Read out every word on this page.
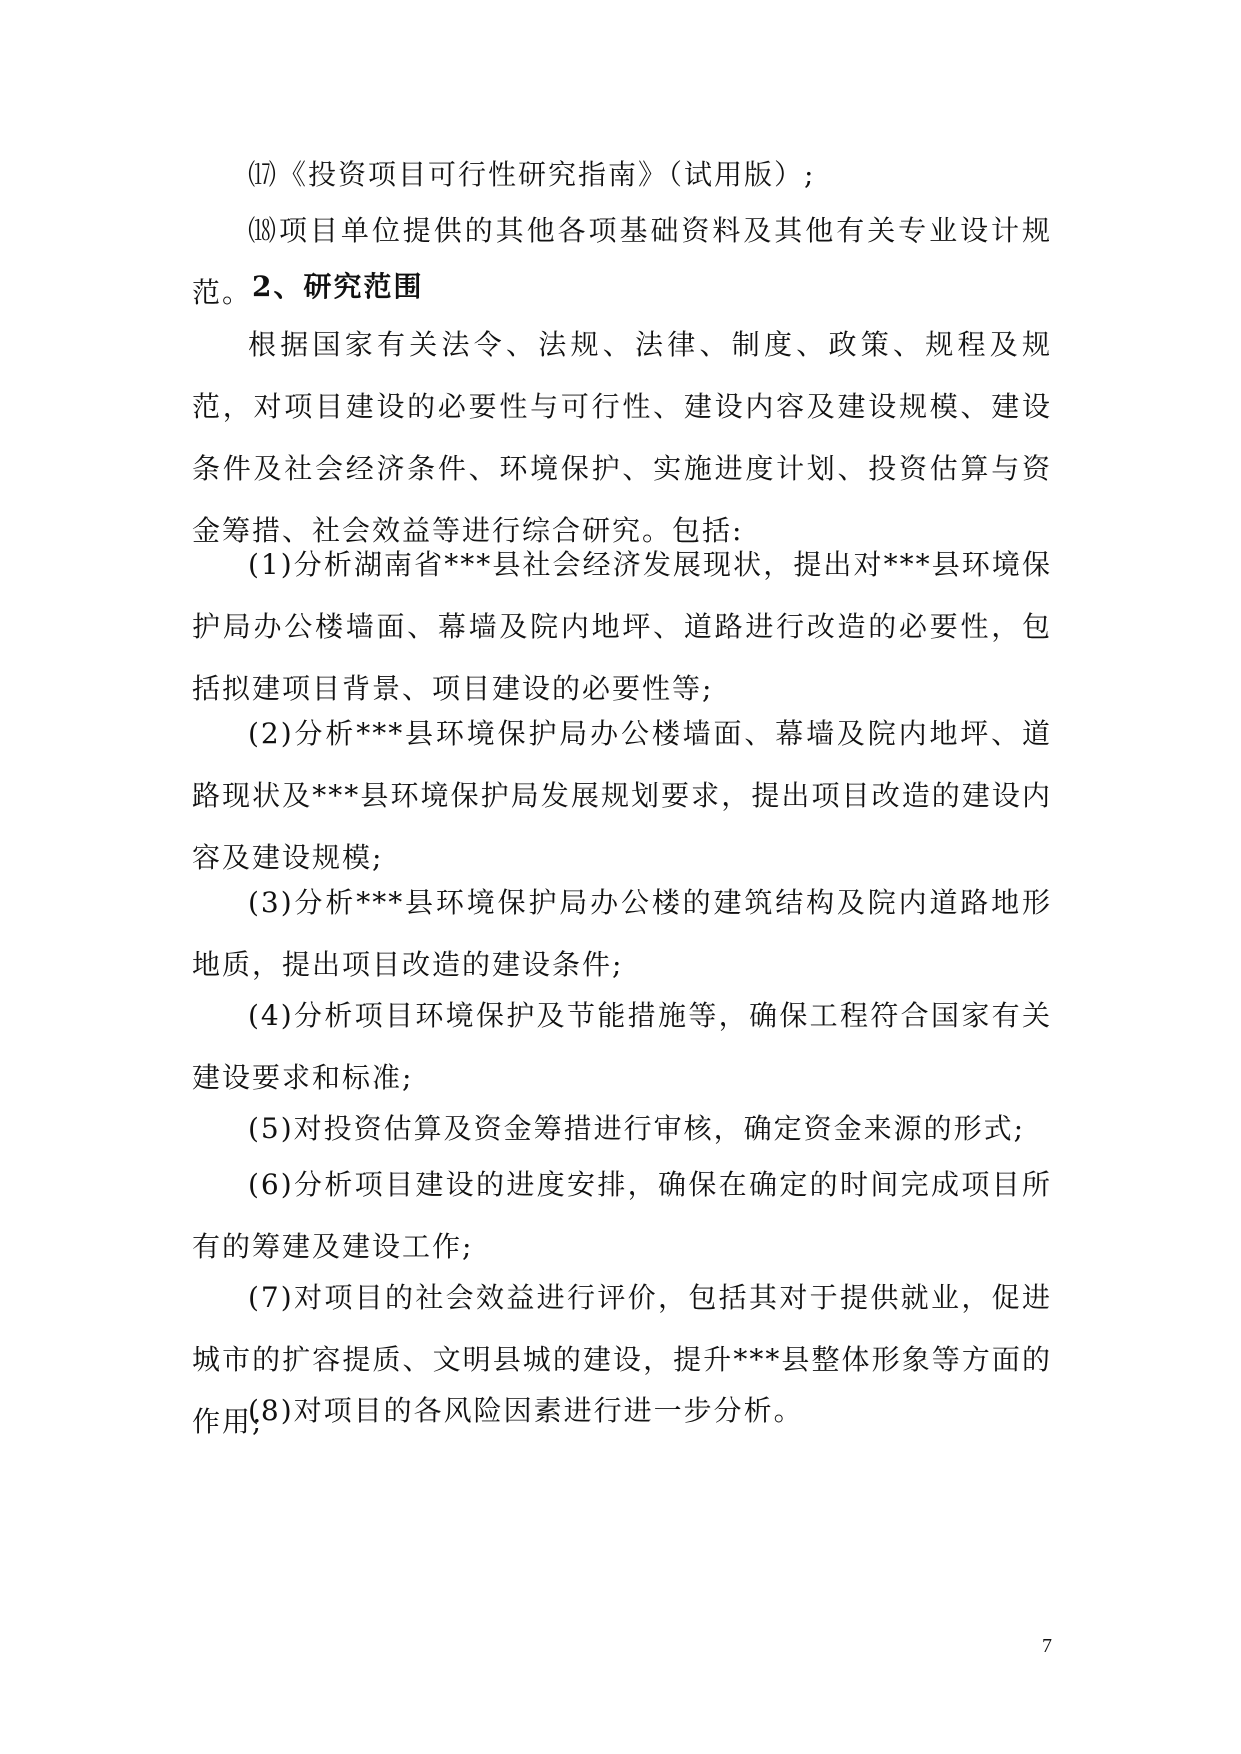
⒄《投资项目可行性研究指南》（试用版）;

⒅项目单位提供的其他各项基础资料及其他有关专业设计规范。 2、研究范围

根据国家有关法令、法规、法律、制度、政策、规程及规范，对项目建设的必要性与可行性、建设内容及建设规模、建设条件及社会经济条件、环境保护、实施进度计划、投资估算与资金筹措、社会效益等进行综合研究。包括:

(1)分析湖南省***县社会经济发展现状，提出对***县环境保护局办公楼墙面、幕墙及院内地坪、道路进行改造的必要性，包括拟建项目背景、项目建设的必要性等;

(2)分析***县环境保护局办公楼墙面、幕墙及院内地坪、道路现状及***县环境保护局发展规划要求，提出项目改造的建设内容及建设规模;

(3)分析***县环境保护局办公楼的建筑结构及院内道路地形地质，提出项目改造的建设条件;

(4)分析项目环境保护及节能措施等，确保工程符合国家有关建设要求和标准;

(5)对投资估算及资金筹措进行审核，确定资金来源的形式;

(6)分析项目建设的进度安排，确保在确定的时间完成项目所有的筹建及建设工作;

(7)对项目的社会效益进行评价，包括其对于提供就业，促进城市的扩容提质、文明县城的建设，提升***县整体形象等方面的作用;

(8)对项目的各风险因素进行进一步分析。

7
